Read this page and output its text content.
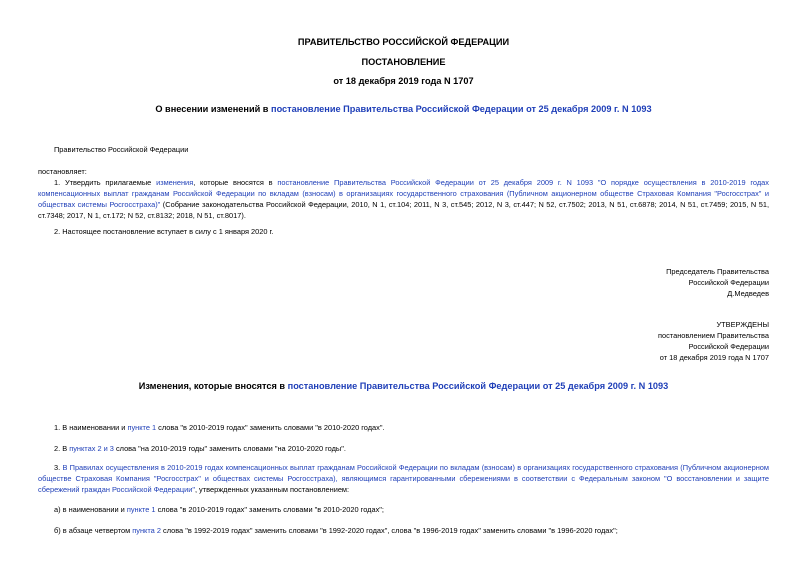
ПРАВИТЕЛЬСТВО РОССИЙСКОЙ ФЕДЕРАЦИИ
ПОСТАНОВЛЕНИЕ
от 18 декабря 2019 года N 1707
О внесении изменений в постановление Правительства Российской Федерации от 25 декабря 2009 г. N 1093
Правительство Российской Федерации
постановляет:
1. Утвердить прилагаемые изменения, которые вносятся в постановление Правительства Российской Федерации от 25 декабря 2009 г. N 1093 "О порядке осуществления в 2010-2019 годах компенсационных выплат гражданам Российской Федерации по вкладам (взносам) в организациях государственного страхования (Публичном акционерном обществе Страховая Компания "Росгосстрах" и обществах системы Росгосстраха)" (Собрание законодательства Российской Федерации, 2010, N 1, ст.104; 2011, N 3, ст.545; 2012, N 3, ст.447; N 52, ст.7502; 2013, N 51, ст.6878; 2014, N 51, ст.7459; 2015, N 51, ст.7348; 2017, N 1, ст.172; N 52, ст.8132; 2018, N 51, ст.8017).
2. Настоящее постановление вступает в силу с 1 января 2020 г.
Председатель Правительства
Российской Федерации
Д.Медведев
УТВЕРЖДЕНЫ
постановлением Правительства
Российской Федерации
от 18 декабря 2019 года N 1707
Изменения, которые вносятся в постановление Правительства Российской Федерации от 25 декабря 2009 г. N 1093
1. В наименовании и пункте 1 слова "в 2010-2019 годах" заменить словами "в 2010-2020 годах".
2. В пунктах 2 и 3 слова "на 2010-2019 годы" заменить словами "на 2010-2020 годы".
3. В Правилах осуществления в 2010-2019 годах компенсационных выплат гражданам Российской Федерации по вкладам (взносам) в организациях государственного страхования (Публичном акционерном обществе Страховая Компания "Росгосстрах" и обществах системы Росгосстраха), являющимся гарантированными сбережениями в соответствии с Федеральным законом "О восстановлении и защите сбережений граждан Российской Федерации", утвержденных указанным постановлением:
а) в наименовании и пункте 1 слова "в 2010-2019 годах" заменить словами "в 2010-2020 годах";
б) в абзаце четвертом пункта 2 слова "в 1992-2019 годах" заменить словами "в 1992-2020 годах", слова "в 1996-2019 годах" заменить словами "в 1996-2020 годах";
